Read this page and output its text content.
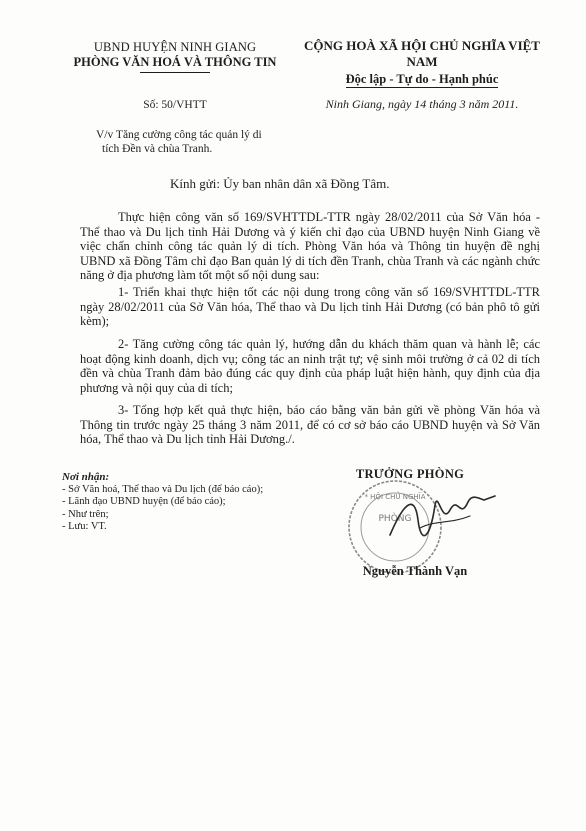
UBND HUYỆN NINH GIANG
PHÒNG VĂN HOÁ VÀ THÔNG TIN
CỘNG HOÀ XÃ HỘI CHỦ NGHĨA VIỆT NAM
Độc lập - Tự do - Hạnh phúc
Số: 50/VHTT	Ninh Giang, ngày 14 tháng 3 năm 2011.
V/v Tăng cường công tác quản lý di
tích Đền và chùa Tranh.
Kính gửi: Ủy ban nhân dân xã Đồng Tâm.
Thực hiện công văn số 169/SVHTTDL-TTR ngày 28/02/2011 của Sở Văn hóa - Thể thao và Du lịch tỉnh Hải Dương và ý kiến chỉ đạo của UBND huyện Ninh Giang về việc chấn chỉnh công tác quản lý di tích. Phòng Văn hóa và Thông tin huyện đề nghị UBND xã Đồng Tâm chỉ đạo Ban quản lý di tích đền Tranh, chùa Tranh và các ngành chức năng ở địa phương làm tốt một số nội dung sau:
1- Triển khai thực hiện tốt các nội dung trong công văn số 169/SVHTTDL-TTR ngày 28/02/2011 của Sở Văn hóa, Thể thao và Du lịch tỉnh Hải Dương (có bản phô tô gửi kèm);
2- Tăng cường công tác quản lý, hướng dẫn du khách thăm quan và hành lễ; các hoạt động kinh doanh, dịch vụ; công tác an ninh trật tự; vệ sinh môi trường ở cả 02 di tích đền và chùa Tranh đảm bảo đúng các quy định của pháp luật hiện hành, quy định của địa phương và nội quy của di tích;
3- Tổng hợp kết quả thực hiện, báo cáo bằng văn bản gửi về phòng Văn hóa và Thông tin trước ngày 25 tháng 3 năm 2011, để có cơ sở báo cáo UBND huyện và Sở Văn hóa, Thể thao và Du lịch tỉnh Hải Dương./.
Nơi nhận:
- Sở Văn hoá, Thể thao và Du lịch (để báo cáo);
- Lãnh đạo UBND huyện (để báo cáo);
- Như trên;
- Lưu: VT.
TRƯỞNG PHÒNG
* HỘI CHỦ NGHĨA
PHÒNG
Nguyễn Thành Vạn
